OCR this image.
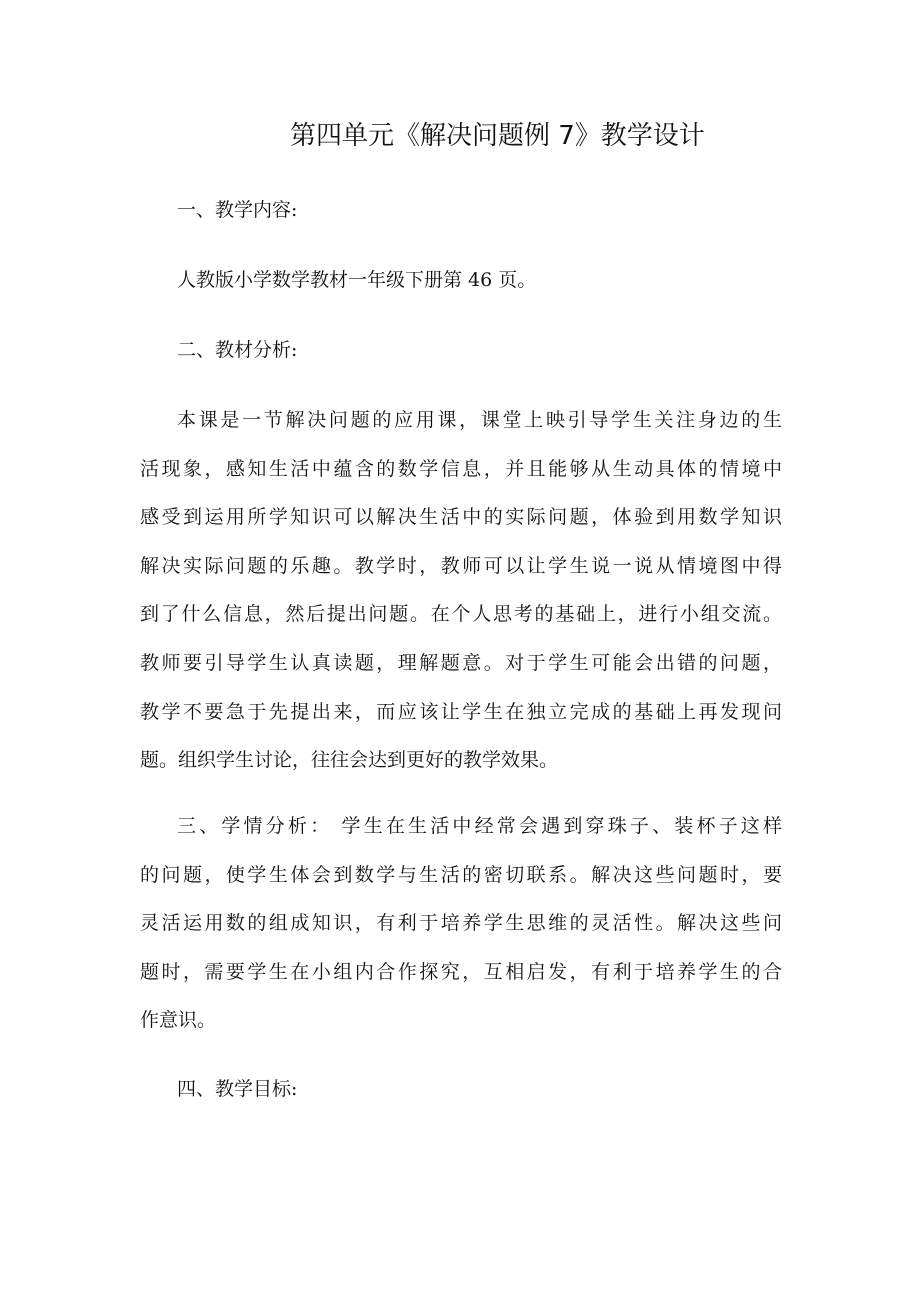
第四单元《解决问题例 7》教学设计

一、教学内容:

人教版小学数学教材一年级下册第 46 页。

二、教材分析:

本课是一节解决问题的应用课，课堂上映引导学生关注身边的生
活现象，感知生活中蕴含的数学信息，并且能够从生动具体的情境中
感受到运用所学知识可以解决生活中的实际问题，体验到用数学知识
解决实际问题的乐趣。教学时，教师可以让学生说一说从情境图中得
到了什么信息，然后提出问题。在个人思考的基础上，进行小组交流。
教师要引导学生认真读题，理解题意。对于学生可能会出错的问题，
教学不要急于先提出来，而应该让学生在独立完成的基础上再发现问
题。组织学生讨论，往往会达到更好的教学效果。
三、学情分析： 学生在生活中经常会遇到穿珠子、装杯子这样
的问题，使学生体会到数学与生活的密切联系。解决这些问题时，要
灵活运用数的组成知识，有利于培养学生思维的灵活性。解决这些问
题时，需要学生在小组内合作探究，互相启发，有利于培养学生的合
作意识。

四、教学目标:
